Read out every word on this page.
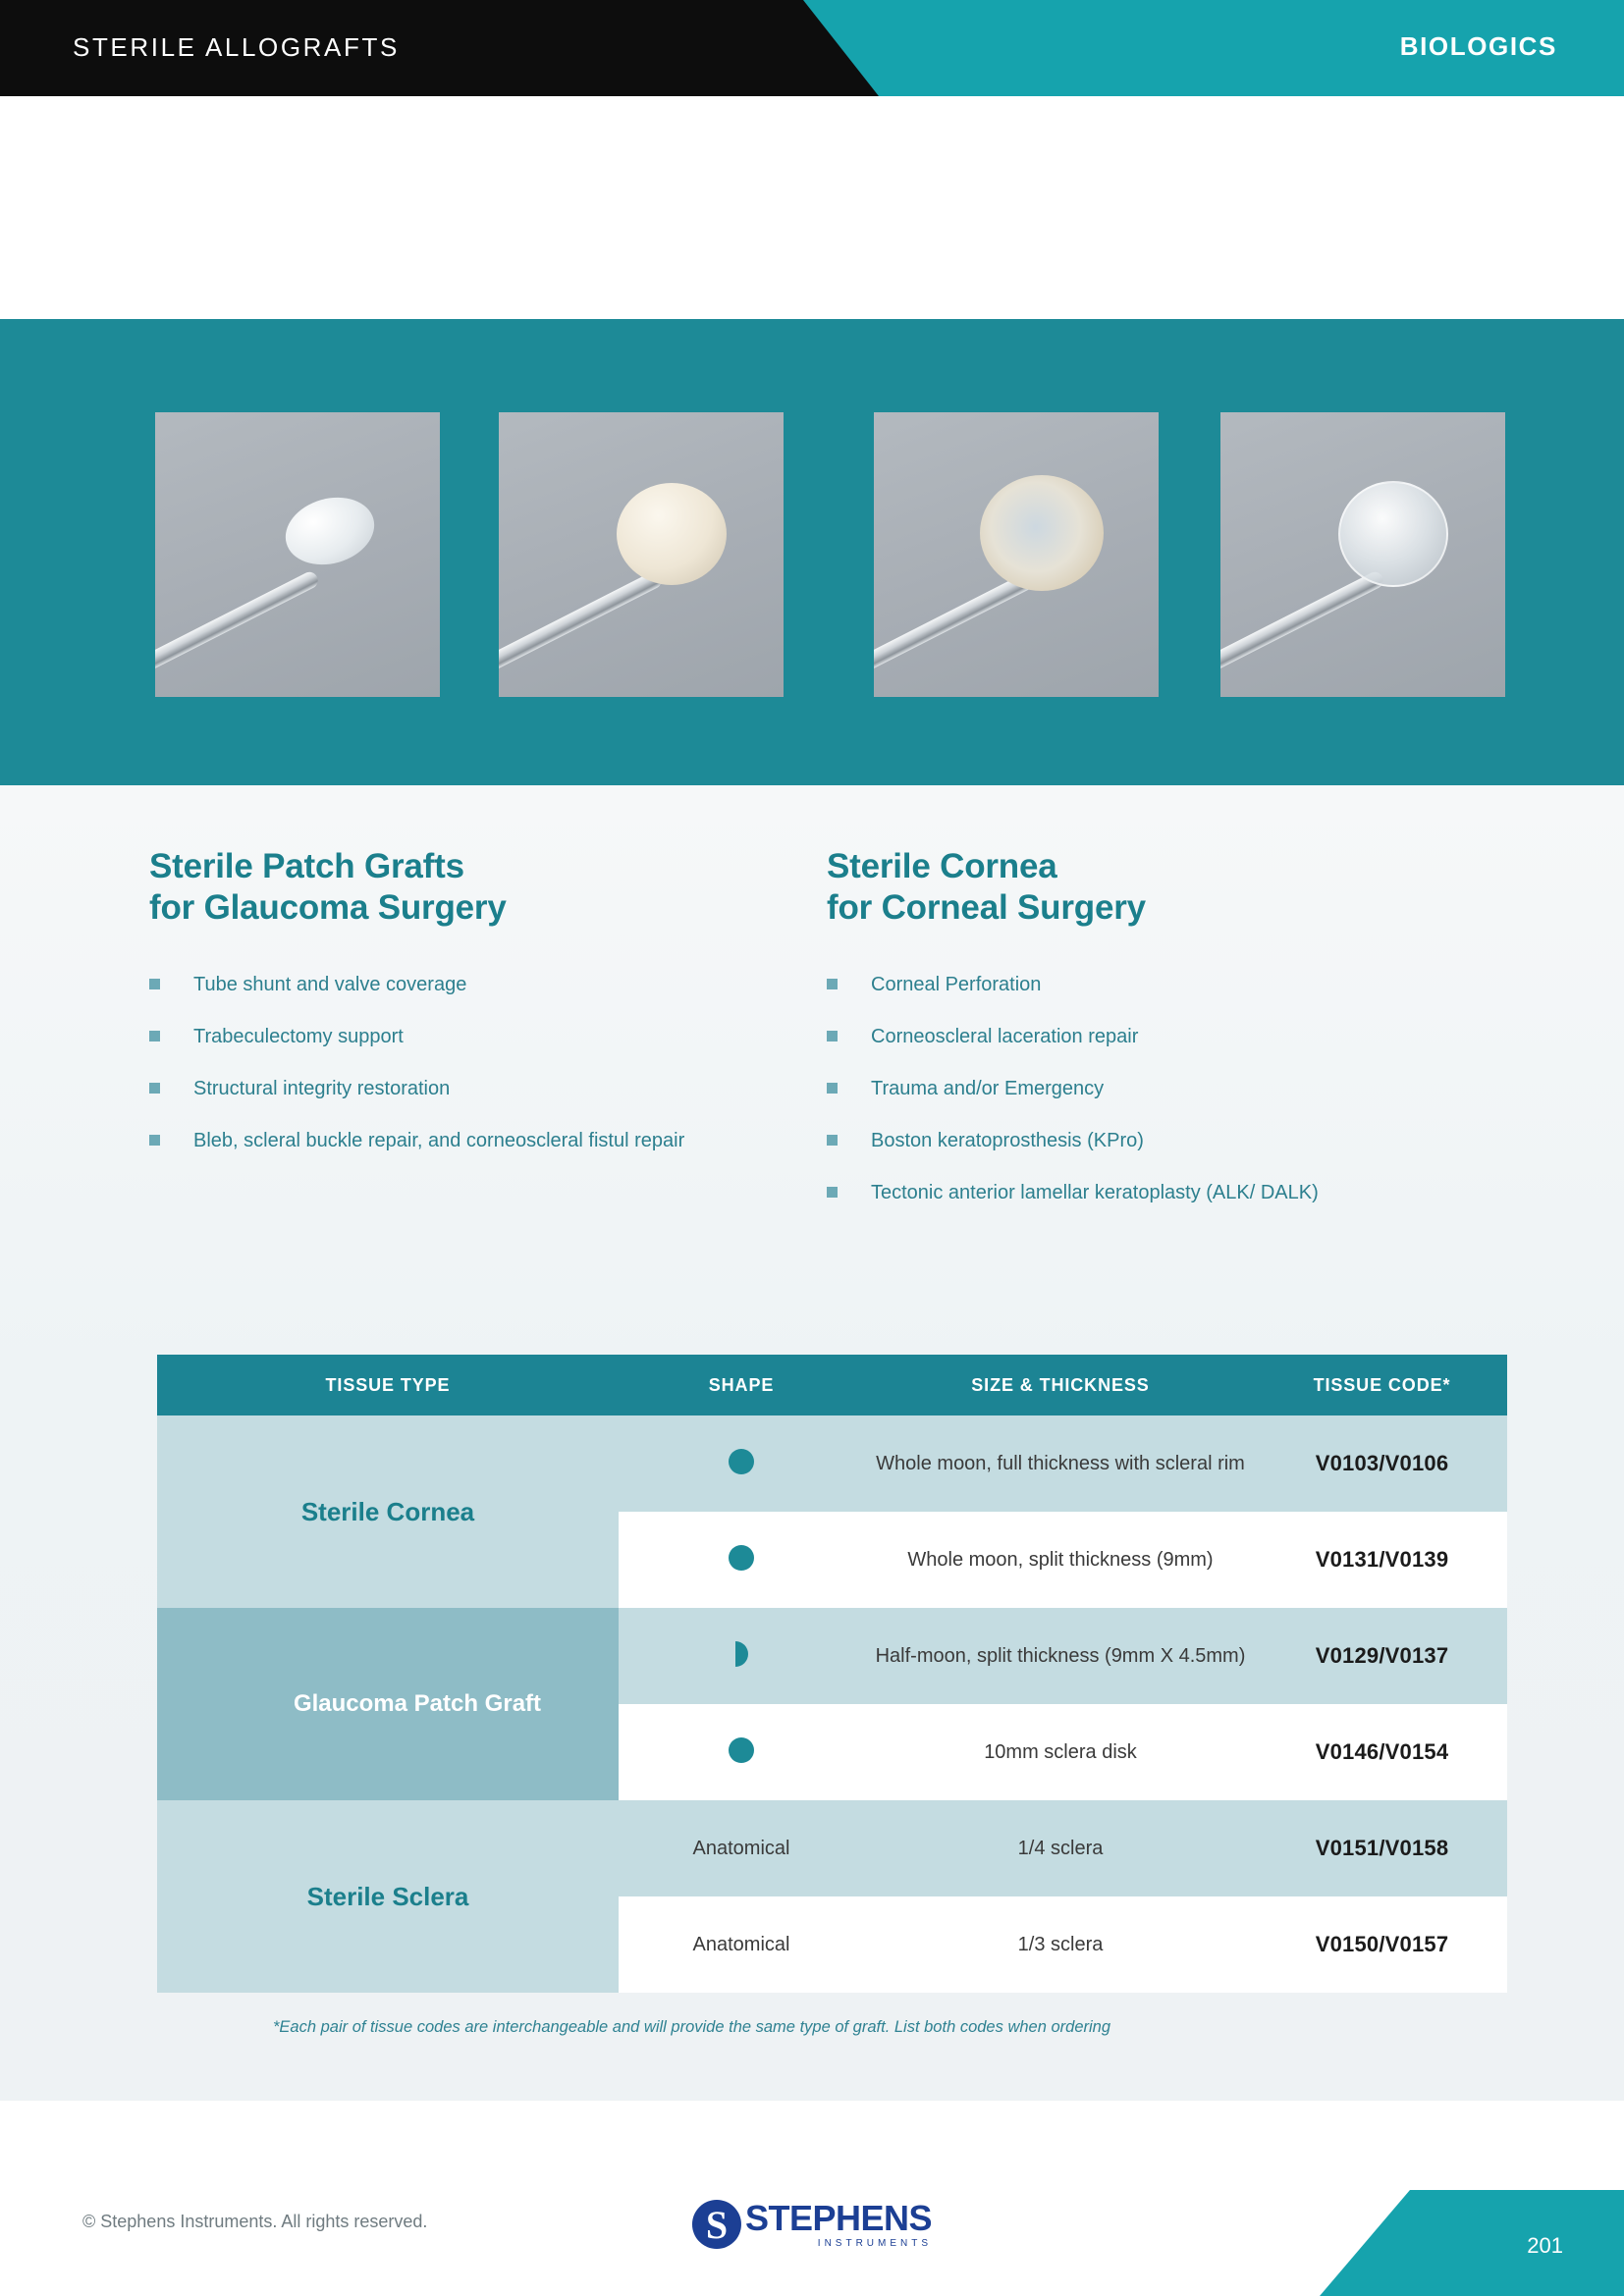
STERILE ALLOGRAFTS	BIOLOGICS
Sterile Patch Grafts
for Glaucoma Surgery
Tube shunt and valve coverage
Trabeculectomy support
Structural integrity restoration
Bleb, scleral buckle repair, and corneoscleral fistul repair
Sterile Cornea
for Corneal Surgery
Corneal Perforation
Corneoscleral laceration repair
Trauma and/or Emergency
Boston keratoprosthesis (KPro)
Tectonic anterior lamellar keratoplasty (ALK/ DALK)
TISSUE TYPE	SHAPE	SIZE & THICKNESS	TISSUE CODE*
Sterile Cornea		Whole moon, full thickness with scleral rim	V0103/V0106
		Whole moon, split thickness (9mm)	V0131/V0139
Glaucoma Patch Graft		Half-moon, split thickness (9mm X 4.5mm)	V0129/V0137
		10mm sclera disk	V0146/V0154
Sterile Sclera	Anatomical	1/4 sclera	V0151/V0158
	Anatomical	1/3 sclera	V0150/V0157
*Each pair of tissue codes are interchangeable and will provide the same type of graft. List both codes when ordering
© Stephens Instruments. All rights reserved.	S STEPHENS
INSTRUMENTS	201
